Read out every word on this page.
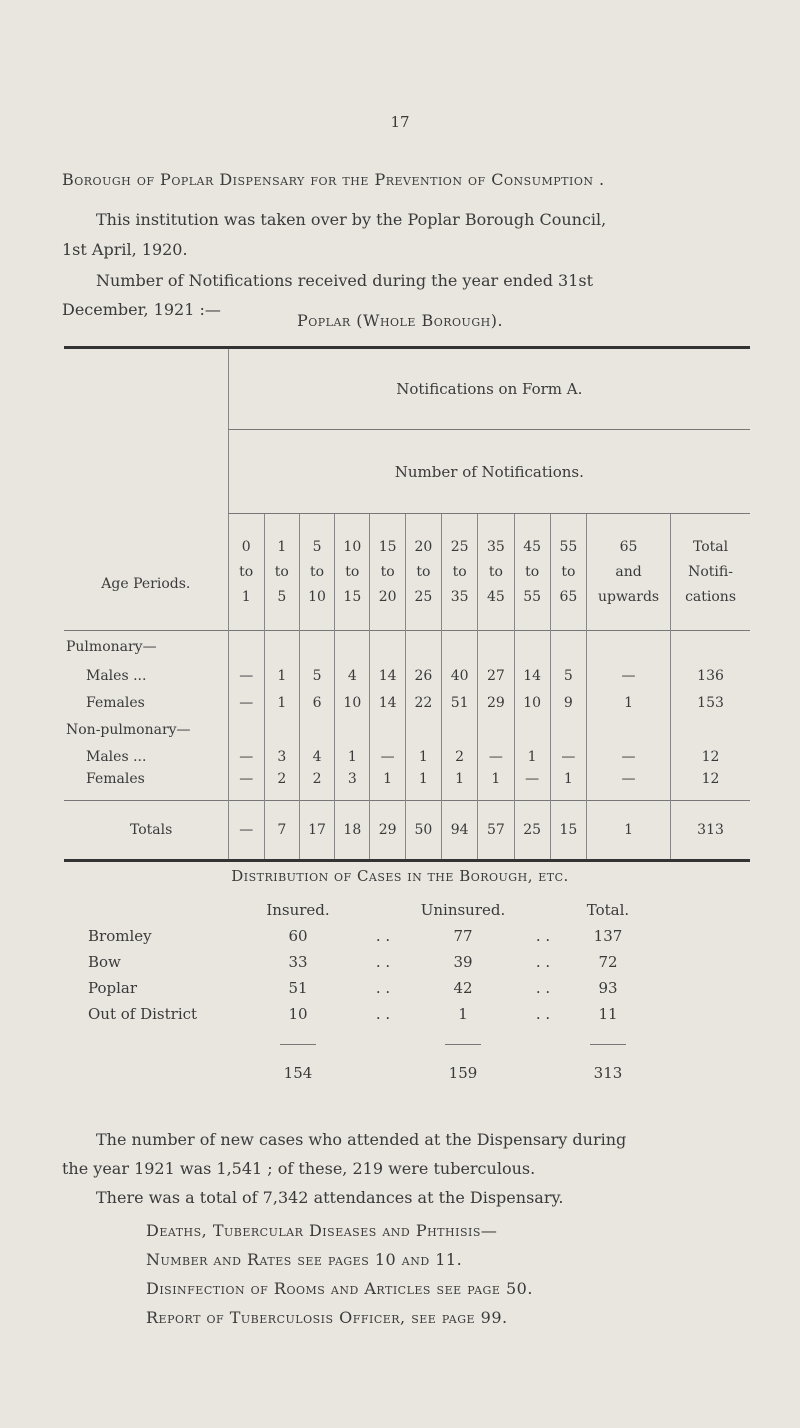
17
Borough of Poplar Dispensary for the Prevention of Consumption .
This institution was taken over by the Poplar Borough Council,
1st April, 1920.
Number of Notifications received during the year ended 31st
December, 1921 :—
Poplar (Whole Borough).
Age Periods.	Notifications on Form A.											
	Number of Notifications.											
	0
to
1	1
to
5	5
to
10	10
to
15	15
to
20	20
to
25	25
to
35	35
to
45	45
to
55	55
to
65	65
and
upwards	Total
Notifi-
cations
Pulmonary—												
Males ...	—	1	5	4	14	26	40	27	14	5	—	136
Females	—	1	6	10	14	22	51	29	10	9	1	153
Non-pulmonary—												
Males ...	—	3	4	1	—	1	2	—	1	—	—	12
Females	—	2	2	3	1	1	1	1	—	1	—	12
Totals	—	7	17	18	29	50	94	57	25	15	1	313
Distribution of Cases in the Borough, etc.
	Insured.		Uninsured.		Total.
Bromley	60	. .	77	. .	137
Bow	33	. .	39	. .	72
Poplar	51	. .	42	. .	93
Out of District	10	. .	1	. .	11

	154		159		313
The number of new cases who attended at the Dispensary during
the year 1921 was 1,541 ; of these, 219 were tuberculous.
There was a total of 7,342 attendances at the Dispensary.
Deaths, Tubercular Diseases and Phthisis—
Number and Rates see pages 10 and 11.
Disinfection of Rooms and Articles see page 50.
Report of Tuberculosis Officer, see page 99.
